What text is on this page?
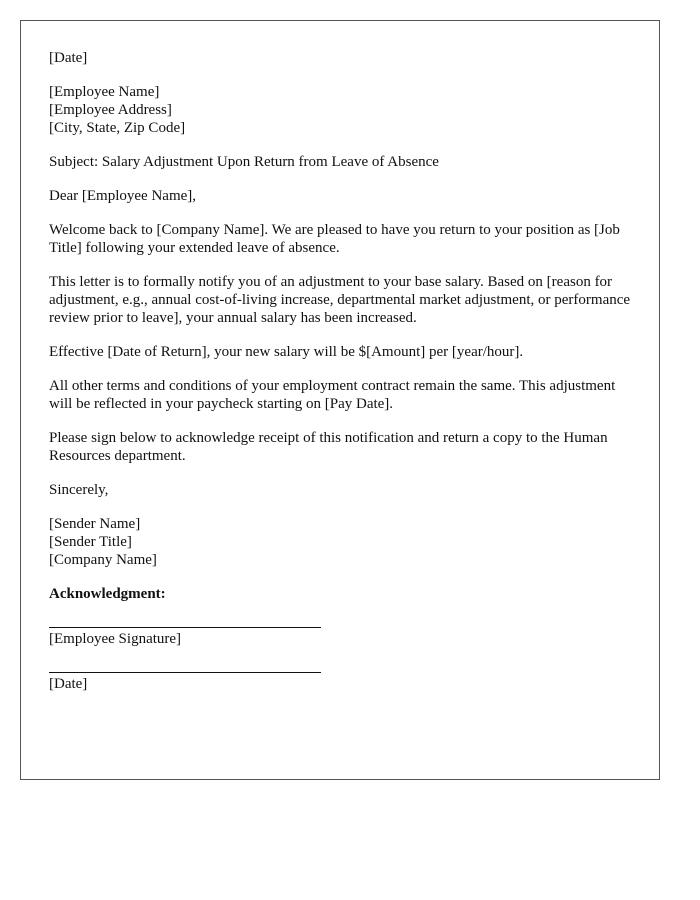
[Date]
[Employee Name]
[Employee Address]
[City, State, Zip Code]

Subject: Salary Adjustment Upon Return from Leave of Absence

Dear [Employee Name],

Welcome back to [Company Name]. We are pleased to have you return to your position as [Job Title] following your extended leave of absence.

This letter is to formally notify you of an adjustment to your base salary. Based on [reason for adjustment, e.g., annual cost-of-living increase, departmental market adjustment, or performance review prior to leave], your annual salary has been increased.

Effective [Date of Return], your new salary will be $[Amount] per [year/hour].

All other terms and conditions of your employment contract remain the same. This adjustment will be reflected in your paycheck starting on [Pay Date].

Please sign below to acknowledge receipt of this notification and return a copy to the Human Resources department.

Sincerely,

[Sender Name]
[Sender Title]
[Company Name]
Acknowledgment:
[Employee Signature]
[Date]
